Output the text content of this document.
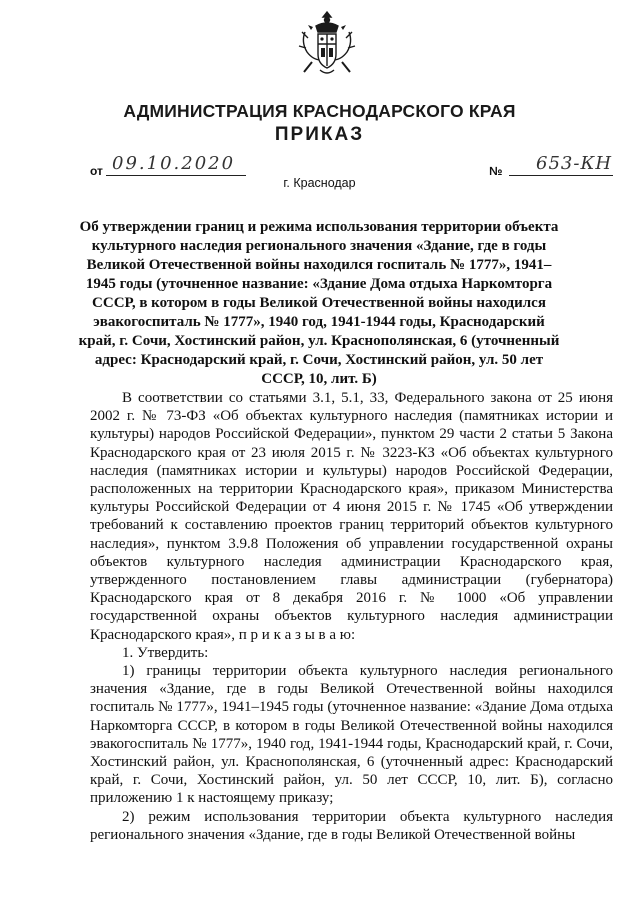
АДМИНИСТРАЦИЯ КРАСНОДАРСКОГО КРАЯ
ПРИКАЗ
от 09.10.2020	№ 653-КН
г. Краснодар
Об утверждении границ и режима использования территории объекта культурного наследия регионального значения «Здание, где в годы Великой Отечественной войны находился госпиталь № 1777», 1941–1945 годы (уточненное название: «Здание Дома отдыха Наркомторга СССР, в котором в годы Великой Отечественной войны находился эвакогоспиталь № 1777», 1940 год, 1941-1944 годы, Краснодарский край, г. Сочи, Хостинский район, ул. Краснополянская, 6 (уточненный адрес: Краснодарский край, г. Сочи, Хостинский район, ул. 50 лет СССР, 10, лит. Б)

В соответствии со статьями 3.1, 5.1, 33, Федерального закона от 25 июня 2002 г. № 73-ФЗ «Об объектах культурного наследия (памятниках истории и культуры) народов Российской Федерации», пунктом 29 части 2 статьи 5 Закона Краснодарского края от 23 июля 2015 г. № 3223-КЗ «Об объектах культурного наследия (памятниках истории и культуры) народов Российской Федерации, расположенных на территории Краснодарского края», приказом Министерства культуры Российской Федерации от 4 июня 2015 г. № 1745 «Об утверждении требований к составлению проектов границ территорий объектов культурного наследия», пунктом 3.9.8 Положения об управлении государственной охраны объектов культурного наследия администрации Краснодарского края, утвержденного постановлением главы администрации (губернатора) Краснодарского края от 8 декабря 2016 г. № 1000 «Об управлении государственной охраны объектов культурного наследия администрации Краснодарского края», п р и к а з ы в а ю:

1. Утвердить:

1) границы территории объекта культурного наследия регионального значения «Здание, где в годы Великой Отечественной войны находился госпиталь № 1777», 1941–1945 годы (уточненное название: «Здание Дома отдыха Наркомторга СССР, в котором в годы Великой Отечественной войны находился эвакогоспиталь № 1777», 1940 год, 1941-1944 годы, Краснодарский край, г. Сочи, Хостинский район, ул. Краснополянская, 6 (уточненный адрес: Краснодарский край, г. Сочи, Хостинский район, ул. 50 лет СССР, 10, лит. Б), согласно приложению 1 к настоящему приказу;

2) режим использования территории объекта культурного наследия регионального значения «Здание, где в годы Великой Отечественной войны
